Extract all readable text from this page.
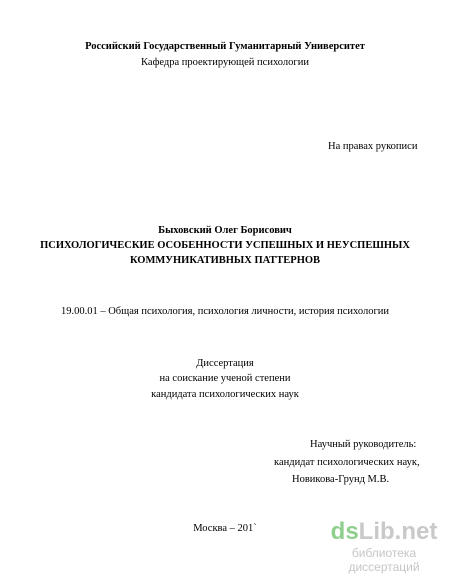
Российский Государственный Гуманитарный Университет
Кафедра проектирующей психологии
На правах рукописи
Быховский Олег Борисович
ПСИХОЛОГИЧЕСКИЕ ОСОБЕННОСТИ УСПЕШНЫХ И НЕУСПЕШНЫХ
КОММУНИКАТИВНЫХ ПАТТЕРНОВ
19.00.01 – Общая психология, психология личности, история психологии
Диссертация
на соискание ученой степени
кандидата психологических наук
Научный руководитель:
кандидат психологических наук,
Новикова-Грунд М.В.
Москва – 201`	dsLib.net
библиотека диссертаций
